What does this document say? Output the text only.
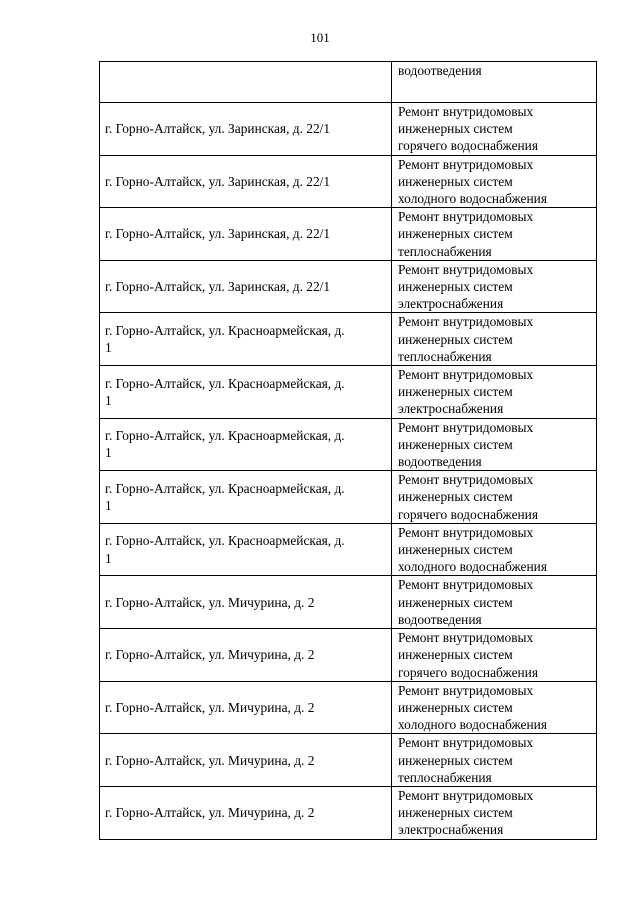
101

	водоотведения

г. Горно-Алтайск, ул. Заринская, д. 22/1	Ремонт внутридомовых
инженерных систем
горячего водоснабжения

г. Горно-Алтайск, ул. Заринская, д. 22/1	Ремонт внутридомовых
инженерных систем
холодного водоснабжения

г. Горно-Алтайск, ул. Заринская, д. 22/1	Ремонт внутридомовых
инженерных систем
теплоснабжения

г. Горно-Алтайск, ул. Заринская, д. 22/1	Ремонт внутридомовых
инженерных систем
электроснабжения

г. Горно-Алтайск, ул. Красноармейская, д.
1	Ремонт внутридомовых
инженерных систем
теплоснабжения

г. Горно-Алтайск, ул. Красноармейская, д.
1	Ремонт внутридомовых
инженерных систем
электроснабжения

г. Горно-Алтайск, ул. Красноармейская, д.
1	Ремонт внутридомовых
инженерных систем
водоотведения

г. Горно-Алтайск, ул. Красноармейская, д.
1	Ремонт внутридомовых
инженерных систем
горячего водоснабжения

г. Горно-Алтайск, ул. Красноармейская, д.
1	Ремонт внутридомовых
инженерных систем
холодного водоснабжения

г. Горно-Алтайск, ул. Мичурина, д. 2	Ремонт внутридомовых
инженерных систем
водоотведения

г. Горно-Алтайск, ул. Мичурина, д. 2	Ремонт внутридомовых
инженерных систем
горячего водоснабжения

г. Горно-Алтайск, ул. Мичурина, д. 2	Ремонт внутридомовых
инженерных систем
холодного водоснабжения

г. Горно-Алтайск, ул. Мичурина, д. 2	Ремонт внутридомовых
инженерных систем
теплоснабжения

г. Горно-Алтайск, ул. Мичурина, д. 2	Ремонт внутридомовых
инженерных систем
электроснабжения
